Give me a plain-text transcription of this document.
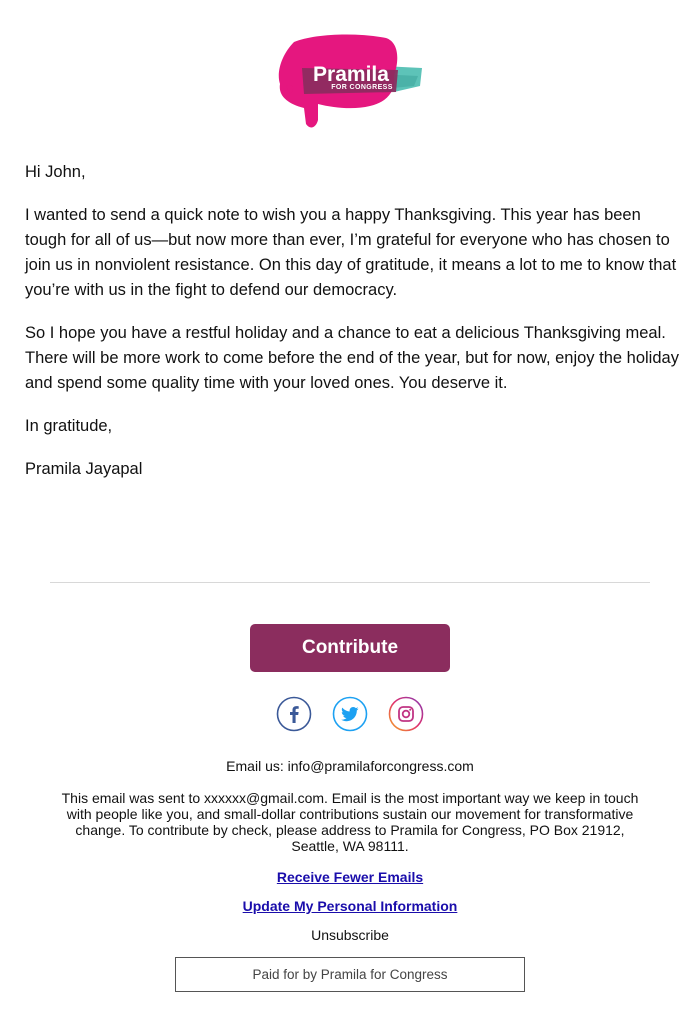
Pramila
FOR CONGRESS

Hi John,

I wanted to send a quick note to wish you a happy Thanksgiving. This year has been tough for all of us—but now more than ever, I’m grateful for everyone who has chosen to join us in nonviolent resistance. On this day of gratitude, it means a lot to me to know that you’re with us in the fight to defend our democracy.

So I hope you have a restful holiday and a chance to eat a delicious Thanksgiving meal. There will be more work to come before the end of the year, but for now, enjoy the holiday and spend some quality time with your loved ones. You deserve it.

In gratitude,

Pramila Jayapal

Contribute
Email us: info@pramilaforcongress.com
This email was sent to xxxxxx@gmail.com. Email is the most important way we keep in touch with people like you, and small-dollar contributions sustain our movement for transformative change. To contribute by check, please address to Pramila for Congress, PO Box 21912, Seattle, WA 98111.
Receive Fewer Emails
Update My Personal Information
Unsubscribe
Paid for by Pramila for Congress
